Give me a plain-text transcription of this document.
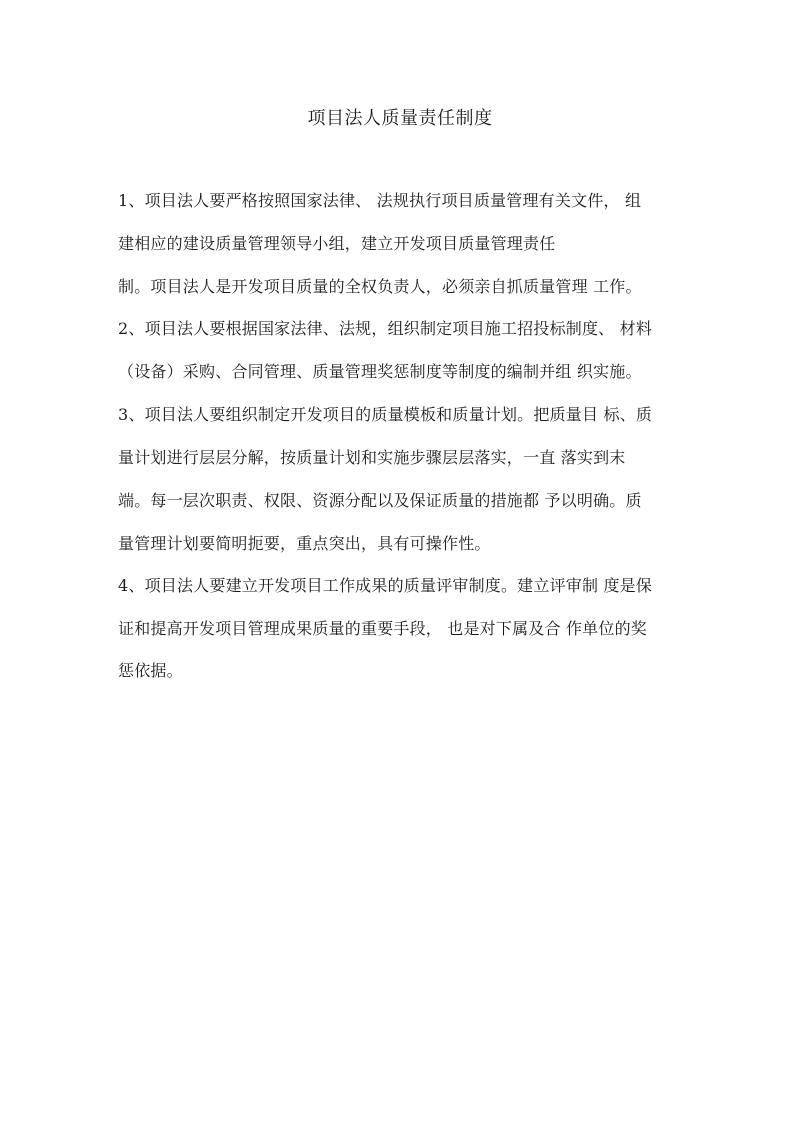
项目法人质量责任制度
1、项目法人要严格按照国家法律、 法规执行项目质量管理有关文件， 组
建相应的建设质量管理领导小组，建立开发项目质量管理责任
制。项目法人是开发项目质量的全权负责人，必须亲自抓质量管理 工作。
2、项目法人要根据国家法律、法规，组织制定项目施工招投标制度、 材料
（设备）采购、合同管理、质量管理奖惩制度等制度的编制并组 织实施。
3、项目法人要组织制定开发项目的质量模板和质量计划。把质量目 标、质
量计划进行层层分解，按质量计划和实施步骤层层落实，一直 落实到末
端。每一层次职责、权限、资源分配以及保证质量的措施都 予以明确。质
量管理计划要简明扼要，重点突出，具有可操作性。
4、项目法人要建立开发项目工作成果的质量评审制度。建立评审制 度是保
证和提高开发项目管理成果质量的重要手段， 也是对下属及合 作单位的奖
惩依据。
